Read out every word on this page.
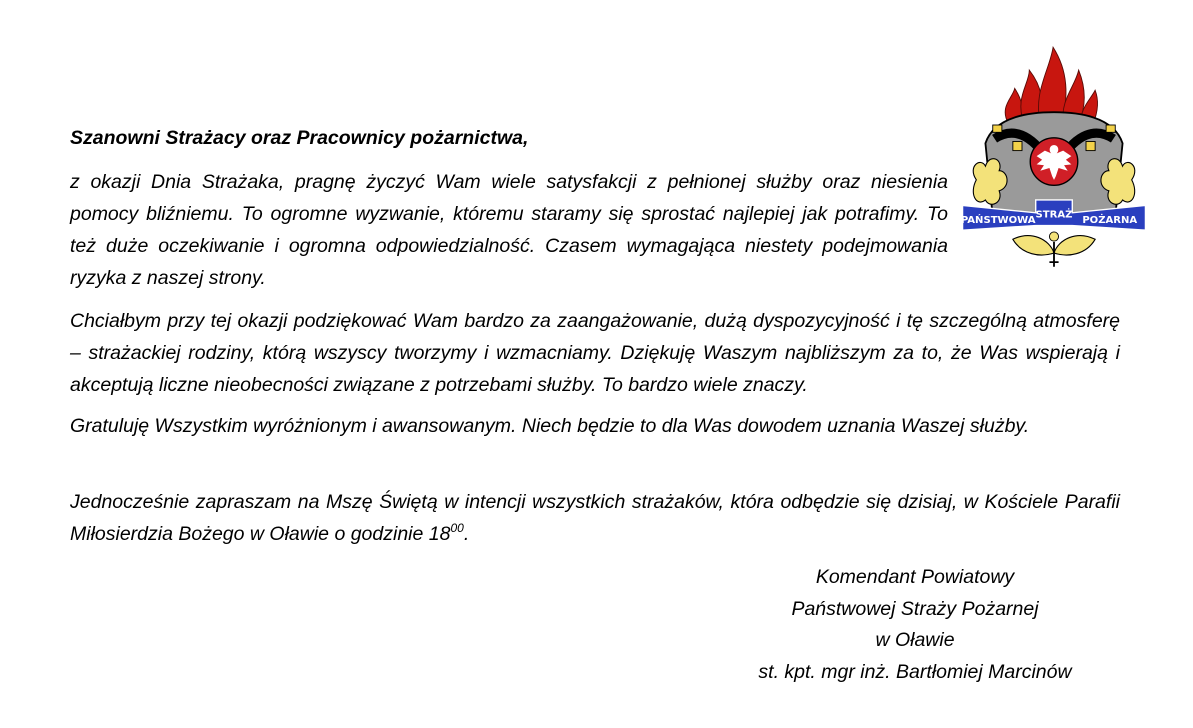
PAŃSTWOWA STRAŻ POŻARNA

Szanowni Strażacy oraz Pracownicy pożarnictwa,

z okazji Dnia Strażaka, pragnę życzyć Wam wiele satysfakcji z pełnionej służby oraz niesienia pomocy bliźniemu. To ogromne wyzwanie, któremu staramy się sprostać najlepiej jak potrafimy. To też duże oczekiwanie i ogromna odpowiedzialność. Czasem wymagająca niestety podejmowania ryzyka z naszej strony.

Chciałbym przy tej okazji podziękować Wam bardzo za zaangażowanie, dużą dyspozycyjność i tę szczególną atmosferę – strażackiej rodziny, którą wszyscy tworzymy i wzmacniamy. Dziękuję Waszym najbliższym za to, że Was wspierają i akceptują liczne nieobecności związane z potrzebami służby. To bardzo wiele znaczy.

Gratuluję Wszystkim wyróżnionym i awansowanym. Niech będzie to dla Was dowodem uznania Waszej służby.

Jednocześnie zapraszam na Mszę Świętą w intencji wszystkich strażaków, która odbędzie się dzisiaj, w Kościele Parafii Miłosierdzia Bożego w Oławie o godzinie $18^{00}$.

Komendant Powiatowy
Państwowej Straży Pożarnej
w Oławie
st. kpt. mgr inż. Bartłomiej Marcinów
